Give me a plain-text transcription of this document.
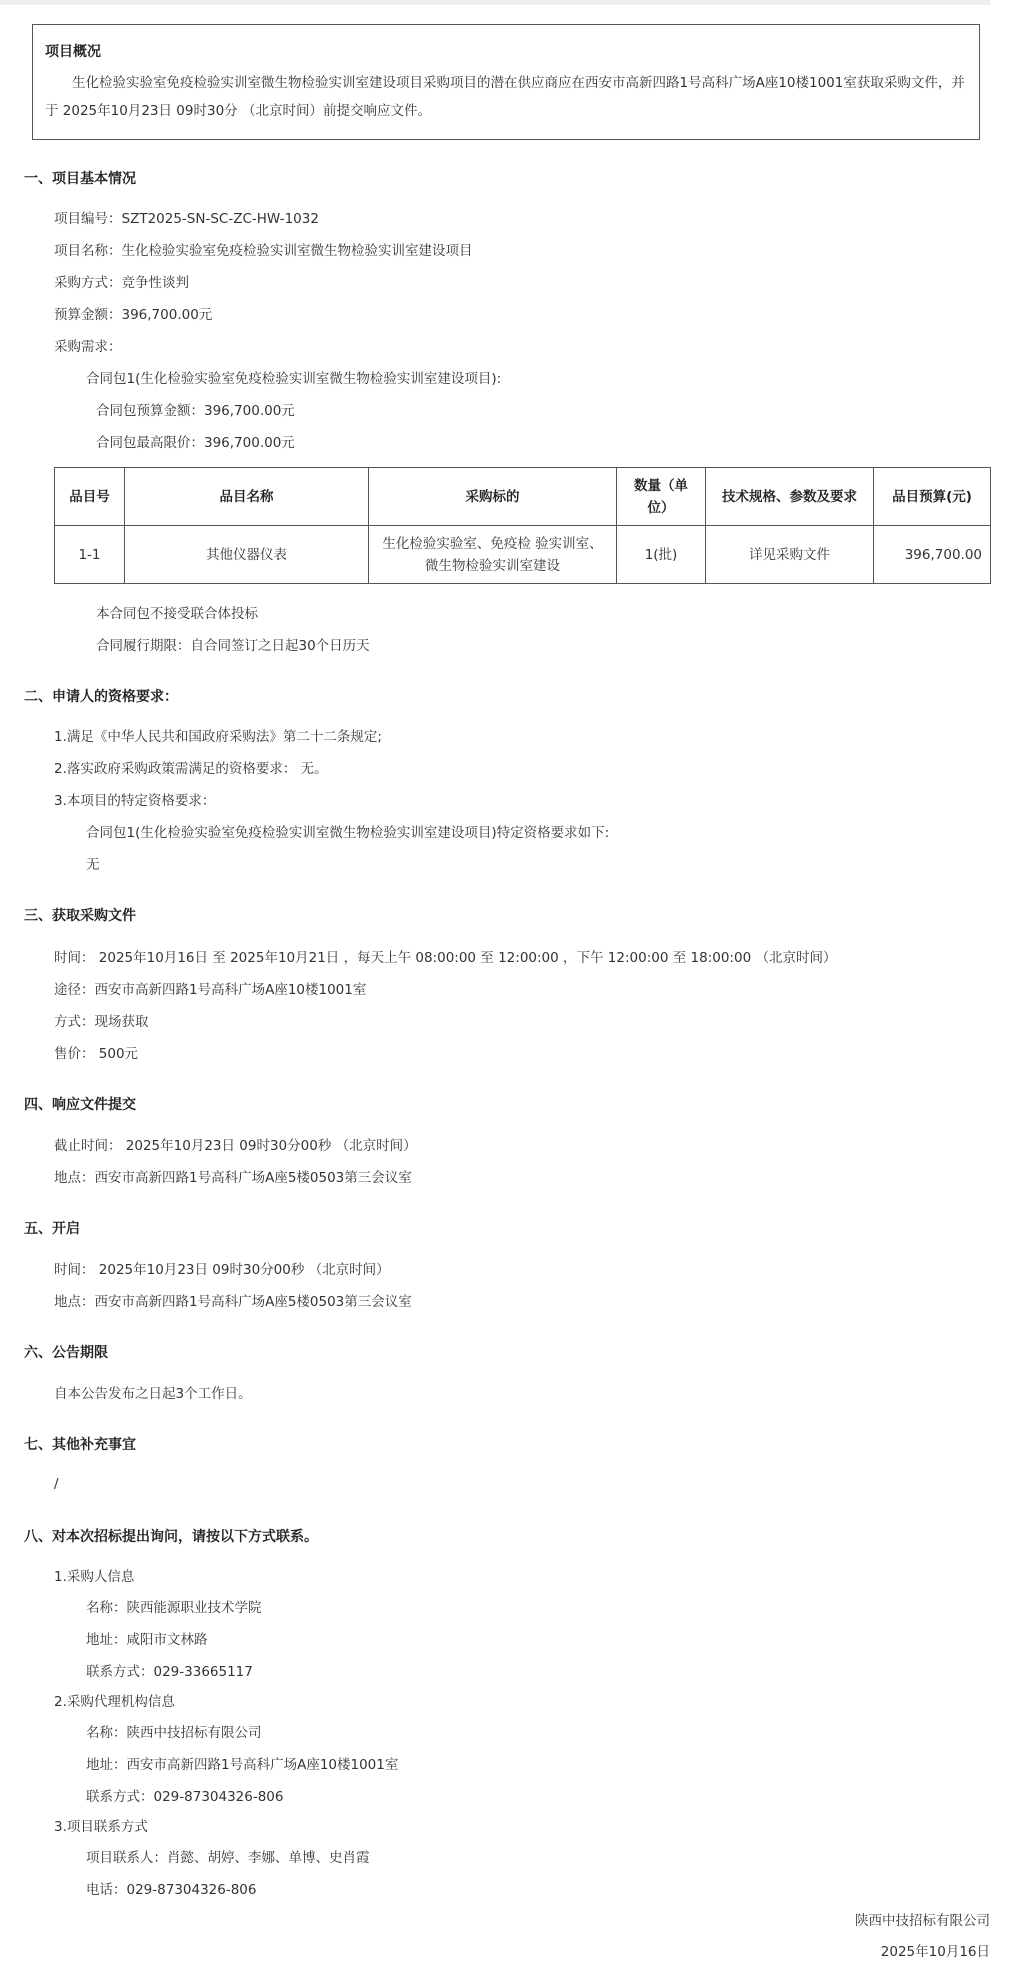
项目概况
生化检验实验室免疫检验实训室微生物检验实训室建设项目采购项目的潜在供应商应在西安市高新四路1号高科广场A座10楼1001室获取采购文件，并于 2025年10月23日 09时30分 （北京时间）前提交响应文件。
一、项目基本情况
项目编号：SZT2025-SN-SC-ZC-HW-1032
项目名称：生化检验实验室免疫检验实训室微生物检验实训室建设项目
采购方式：竞争性谈判
预算金额：396,700.00元
采购需求：
合同包1(生化检验实验室免疫检验实训室微生物检验实训室建设项目):
合同包预算金额：396,700.00元
合同包最高限价：396,700.00元
品目号	品目名称	采购标的	数量（单位）	技术规格、参数及要求	品目预算(元)
1-1	其他仪器仪表	生化检验实验室、免疫检 验实训室、微生物检验实训室建设	1(批)	详见采购文件	396,700.00
本合同包不接受联合体投标
合同履行期限：自合同签订之日起30个日历天
二、申请人的资格要求：
1.满足《中华人民共和国政府采购法》第二十二条规定;
2.落实政府采购政策需满足的资格要求： 无。
3.本项目的特定资格要求：
合同包1(生化检验实验室免疫检验实训室微生物检验实训室建设项目)特定资格要求如下:
无
三、获取采购文件
时间： 2025年10月16日 至 2025年10月21日 ，每天上午 08:00:00 至 12:00:00 ，下午 12:00:00 至 18:00:00 （北京时间）
途径：西安市高新四路1号高科广场A座10楼1001室
方式：现场获取
售价： 500元
四、响应文件提交
截止时间： 2025年10月23日 09时30分00秒 （北京时间）
地点：西安市高新四路1号高科广场A座5楼0503第三会议室
五、开启
时间： 2025年10月23日 09时30分00秒 （北京时间）
地点：西安市高新四路1号高科广场A座5楼0503第三会议室
六、公告期限
自本公告发布之日起3个工作日。
七、其他补充事宜
/
八、对本次招标提出询问，请按以下方式联系。
1.采购人信息
名称：陕西能源职业技术学院
地址：咸阳市文林路
联系方式：029-33665117
2.采购代理机构信息
名称：陕西中技招标有限公司
地址：西安市高新四路1号高科广场A座10楼1001室
联系方式：029-87304326-806
3.项目联系方式
项目联系人：肖懿、胡婷、李娜、单博、史肖霞
电话：029-87304326-806
陕西中技招标有限公司
2025年10月16日
